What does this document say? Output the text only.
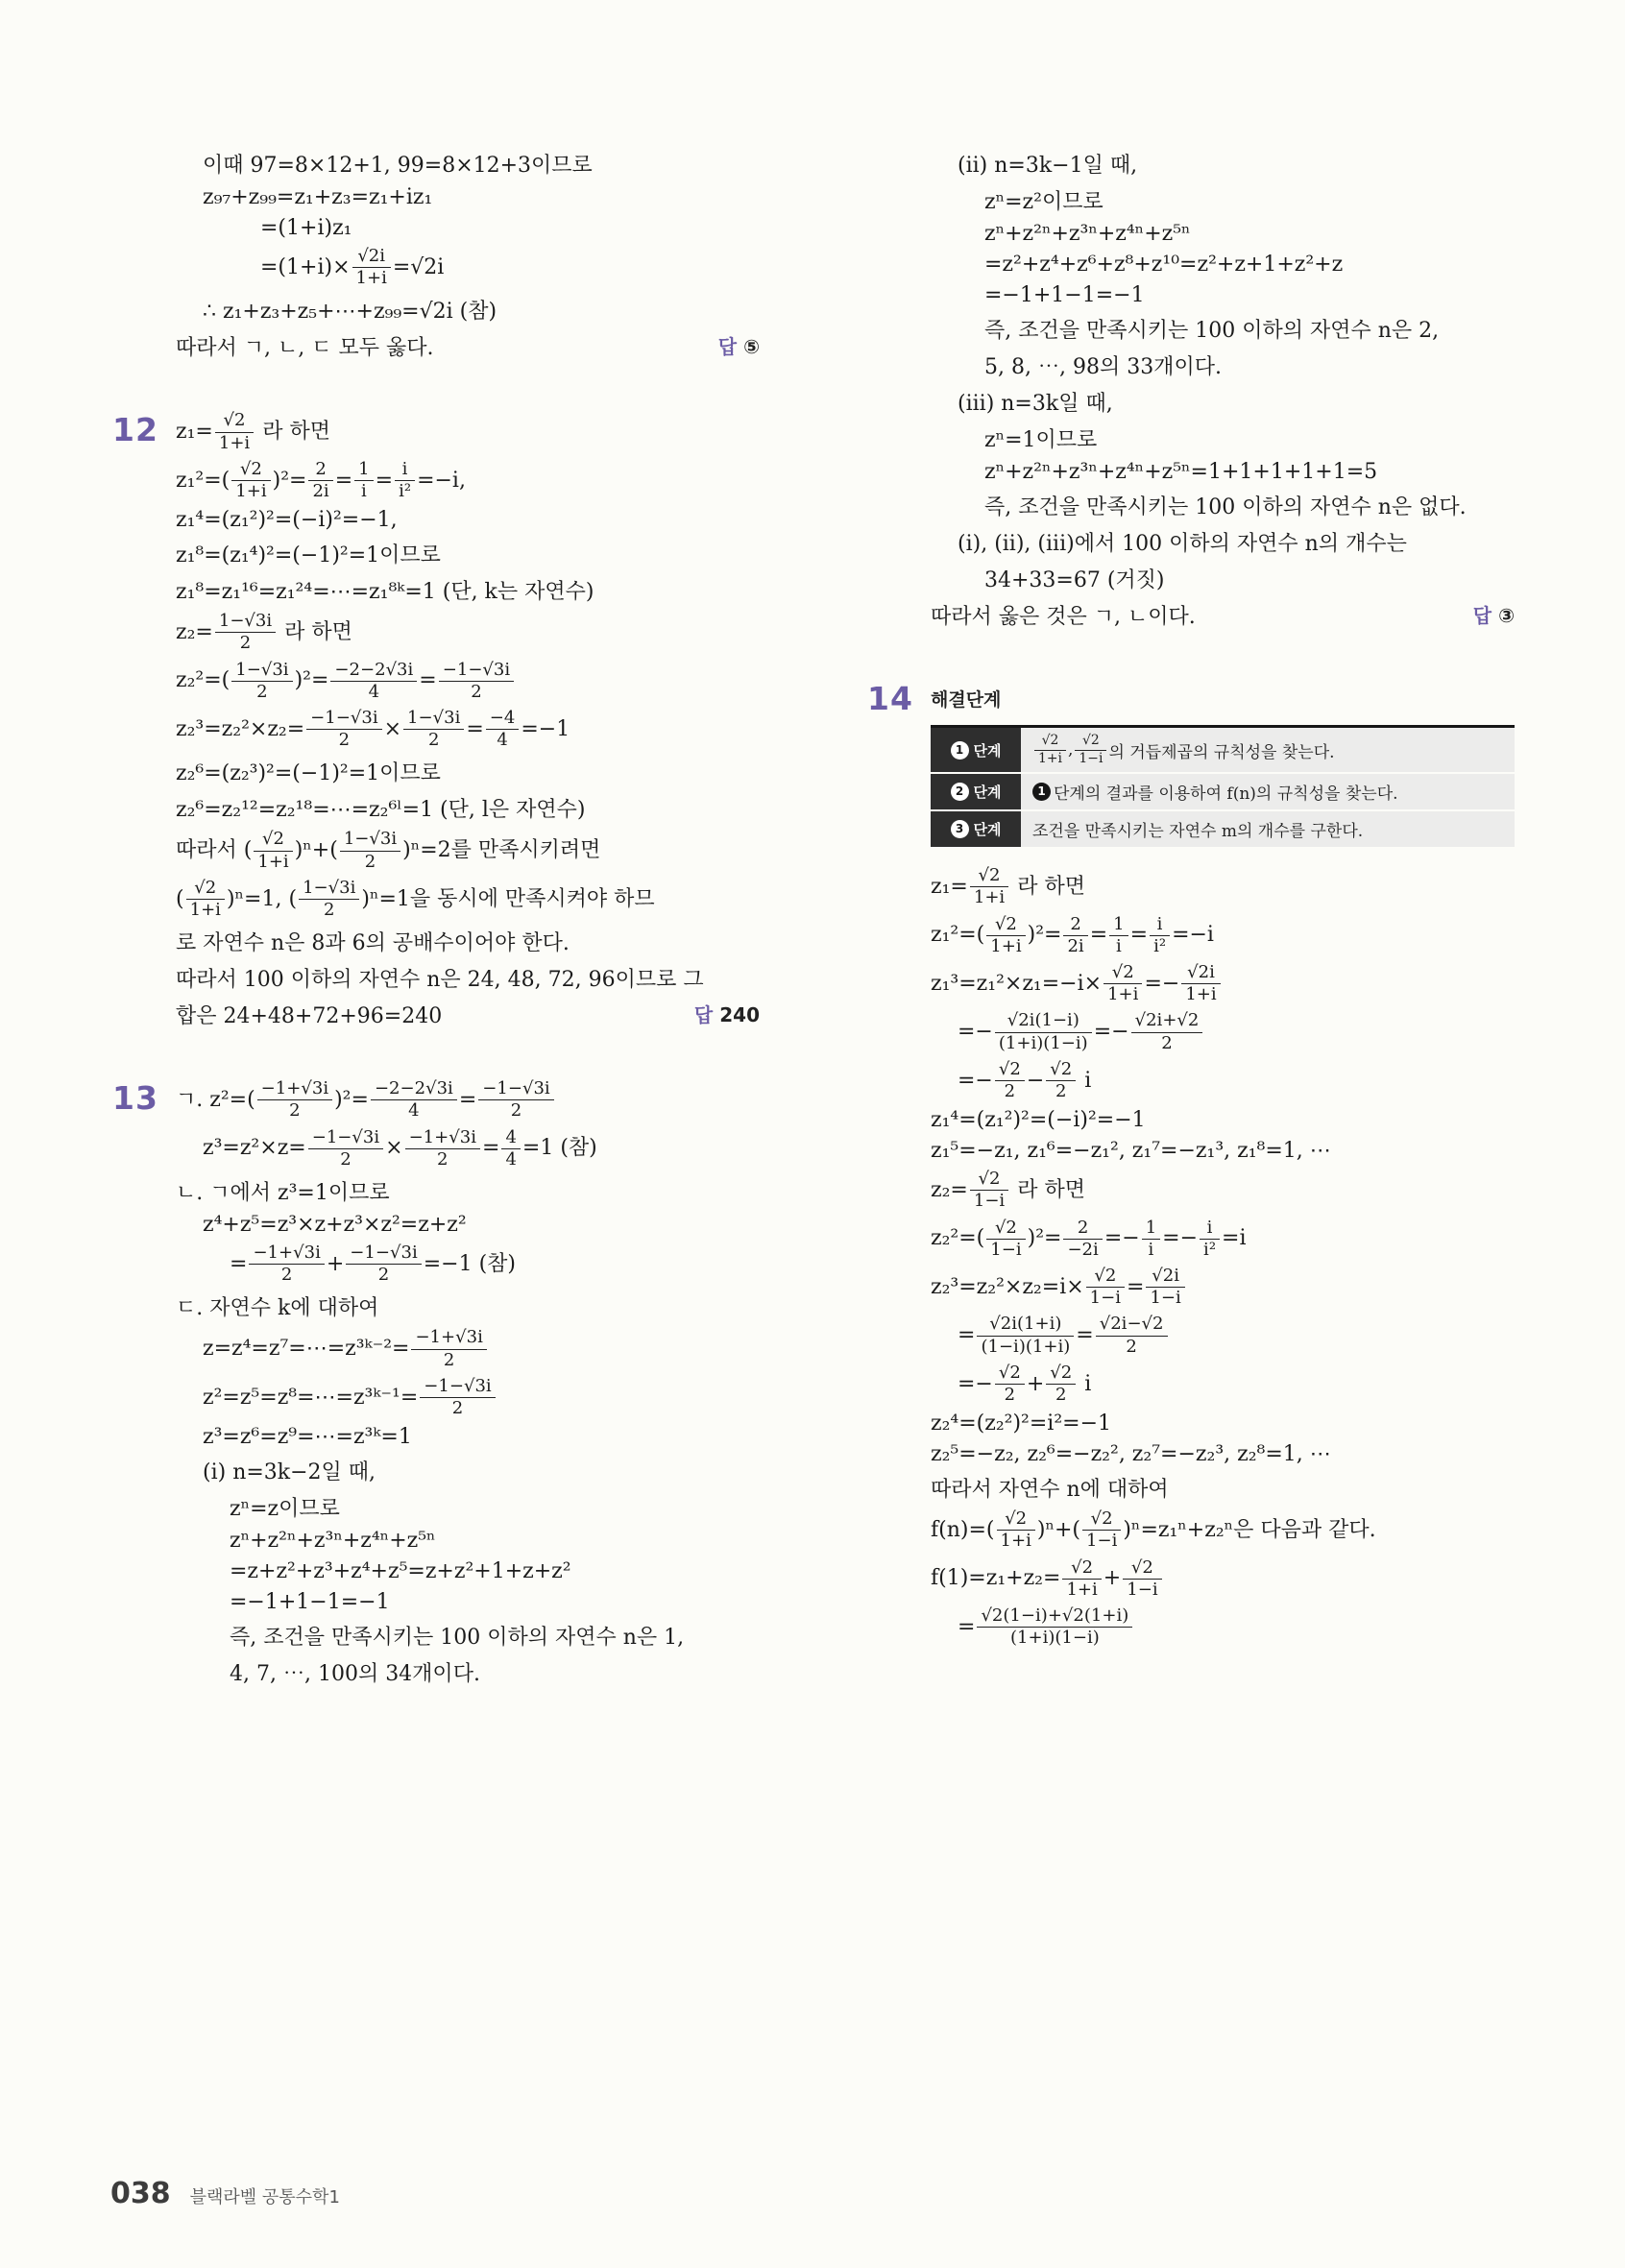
이때 97=8×12+1, 99=8×12+3이므로
z₉₇+z₉₉=z₁+z₃=z₁+iz₁
=(1+i)z₁
$=(1+i)\times \frac{√2i}{1+i} =√2i$
∴ z₁+z₃+z₅+⋯+z₉₉=√2i (참)
답 ⑤
따라서 ㄱ, ㄴ, ㄷ 모두 옳다.
12 $z_1= \frac{√2}{1+i}$ 라 하면
$z_1^2=( \frac{√2}{1+i} )^2= \frac{2}{2i} = \frac{1}{i} = \frac{i}{\text{i²}} =-i$,
z₁⁴=(z₁²)²=(−i)²=−1,
z₁⁸=(z₁⁴)²=(−1)²=1이므로
z₁⁸=z₁¹⁶=z₁²⁴=⋯=z₁⁸ᵏ=1 (단, k는 자연수)
$z_2= \frac{1-√3i}{2}$ 라 하면
$z_2^2=( \frac{1-√3i}{2} )^2= \frac{-2-2√3i}{4} = \frac{-1-√3i}{2}$
$z_2^3=z_2^2\times z_2= \frac{-1-√3i}{2} \times \frac{1-√3i}{2} = \frac{-4}{4} =-1$
z₂⁶=(z₂³)²=(−1)²=1이므로
z₂⁶=z₂¹²=z₂¹⁸=⋯=z₂⁶ˡ=1 (단, l은 자연수)
따라서 ( $\frac{√2}{1+i} )^n+( \frac{1-√3i}{2} )^n=2$를 만족시키려면
( $\frac{√2}{1+i} )^n=1$, ( $\frac{1-√3i}{2} )^n=1$을 동시에 만족시켜야 하므
로 자연수 n은 8과 6의 공배수이어야 한다.
따라서 100 이하의 자연수 n은 24, 48, 72, 96이므로 그
답 240
합은 24+48+72+96=240
13 ㄱ. $z^2=( \frac{-1+√3i}{2} )^2= \frac{-2-2√3i}{4} = \frac{-1-√3i}{2}$
$z^3=z^2\times z= \frac{-1-√3i}{2} \times \frac{-1+√3i}{2} = \frac{4}{4} =1$ (참)
ㄴ. ㄱ에서 z³=1이므로
z⁴+z⁵=z³×z+z³×z²=z+z²
= $\frac{-1+√3i}{2} + \frac{-1-√3i}{2} =-1$ (참)
ㄷ. 자연수 k에 대하여
z=z⁴=z⁷=⋯=z³ᵏ⁻²= $\frac{-1+√3i}{2}$
z²=z⁵=z⁸=⋯=z³ᵏ⁻¹= $\frac{-1-√3i}{2}$
z³=z⁶=z⁹=⋯=z³ᵏ=1
(i) n=3k−2일 때,
zⁿ=z이므로
zⁿ+z²ⁿ+z³ⁿ+z⁴ⁿ+z⁵ⁿ
=z+z²+z³+z⁴+z⁵=z+z²+1+z+z²
=−1+1−1=−1
즉, 조건을 만족시키는 100 이하의 자연수 n은 1,
4, 7, ⋯, 100의 34개이다.
(ii) n=3k−1일 때,
zⁿ=z²이므로
zⁿ+z²ⁿ+z³ⁿ+z⁴ⁿ+z⁵ⁿ
=z²+z⁴+z⁶+z⁸+z¹⁰=z²+z+1+z²+z
=−1+1−1=−1
즉, 조건을 만족시키는 100 이하의 자연수 n은 2,
5, 8, ⋯, 98의 33개이다.
(iii) n=3k일 때,
zⁿ=1이므로
zⁿ+z²ⁿ+z³ⁿ+z⁴ⁿ+z⁵ⁿ=1+1+1+1+1=5
즉, 조건을 만족시키는 100 이하의 자연수 n은 없다.
(i), (ii), (iii)에서 100 이하의 자연수 n의 개수는
34+33=67 (거짓)
답 ③
따라서 옳은 것은 ㄱ, ㄴ이다.
14 해결단계
1 단계 $\frac{√2}{1+i}$ , $\frac{√2}{1-i}$ 의 거듭제곱의 규칙성을 찾는다.
2 단계	1 단계의 결과를 이용하여 f(n)의 규칙성을 찾는다.
3 단계	조건을 만족시키는 자연수 m의 개수를 구한다.
$z_1= \frac{√2}{1+i}$ 라 하면
$z_1^2=( \frac{√2}{1+i} )^2= \frac{2}{2i} = \frac{1}{i} = \frac{i}{\text{i²}} =-i$
$z_1^3=z_1^2\times z_1=-i\times \frac{√2}{1+i} =- \frac{√2i}{1+i}$
=− $\frac{√2i(1-i)}{(1+i)(1-i)} =- \frac{√2i+√2}{2}$
=− $\frac{√2}{2} - \frac{√2}{2}$ i
z₁⁴=(z₁²)²=(−i)²=−1
z₁⁵=−z₁, z₁⁶=−z₁², z₁⁷=−z₁³, z₁⁸=1, ⋯
$z_2= \frac{√2}{1-i}$ 라 하면
$z_2^2=( \frac{√2}{1-i} )^2= \frac{2}{-2i} =- \frac{1}{i} =- \frac{i}{\text{i²}} =i$
$z_2^3=z_2^2\times z_2=i\times \frac{√2}{1-i} = \frac{√2i}{1-i}$
= $\frac{√2i(1+i)}{(1-i)(1+i)} = \frac{√2i-√2}{2}$
=− $\frac{√2}{2} + \frac{√2}{2}$ i
z₂⁴=(z₂²)²=i²=−1
z₂⁵=−z₂, z₂⁶=−z₂², z₂⁷=−z₂³, z₂⁸=1, ⋯
따라서 자연수 n에 대하여
$f(n)=( \frac{√2}{1+i} )^n+( \frac{√2}{1-i} )^n=z_1^n+z_2^n$은 다음과 같다.
$f(1)=z_1+z_2= \frac{√2}{1+i} + \frac{√2}{1-i}$
= $\frac{√2(1-i)+√2(1+i)}{(1+i)(1-i)}$
038 블랙라벨 공통수학1
